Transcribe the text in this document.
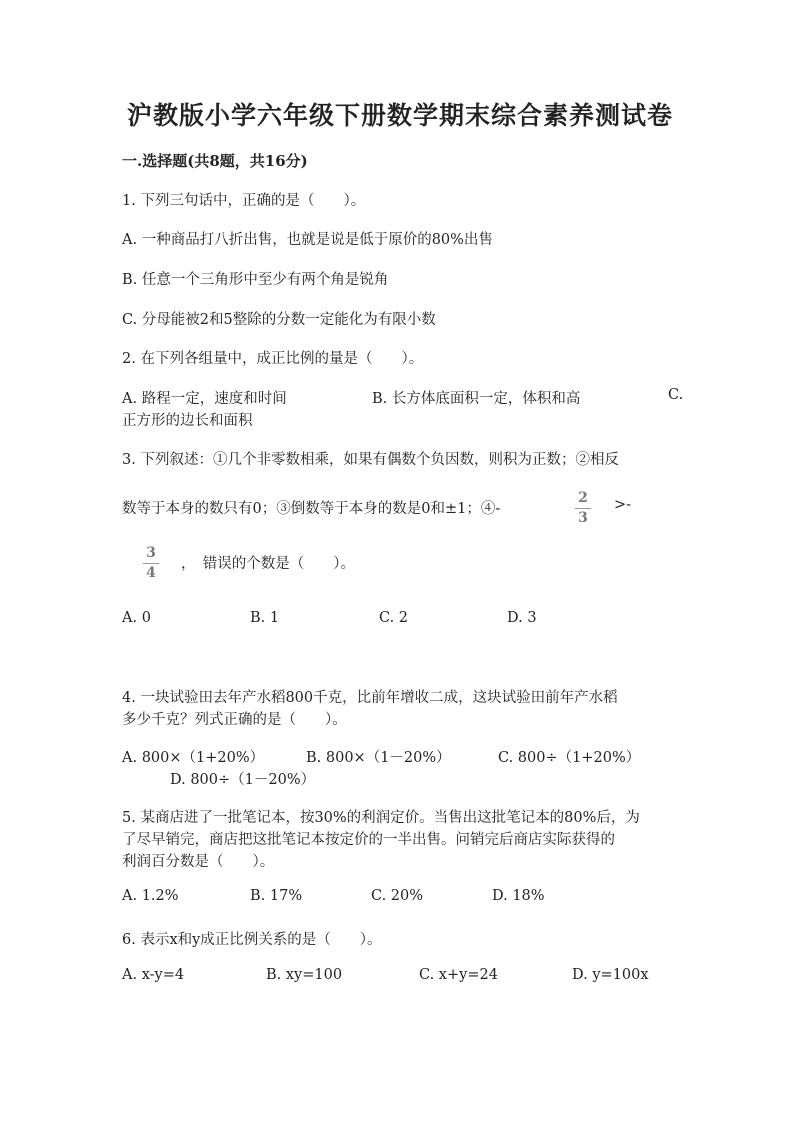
沪教版小学六年级下册数学期末综合素养测试卷
一.选择题(共8题，共16分)
1. 下列三句话中，正确的是（　　）。
A. 一种商品打八折出售，也就是说是低于原价的80%出售
B. 任意一个三角形中至少有两个角是锐角
C. 分母能被2和5整除的分数一定能化为有限小数
2. 在下列各组量中，成正比例的量是（　　）。
A. 路程一定，速度和时间	B. 长方体底面积一定，体积和高	C.
正方形的边长和面积
3. 下列叙述：①几个非零数相乘，如果有偶数个负因数，则积为正数；②相反
数等于本身的数只有0；③倒数等于本身的数是0和±1；④-
2
3
>-
3
4
，　错误的个数是（　　）。
A. 0	B. 1	C. 2	D. 3
4. 一块试验田去年产水稻800千克，比前年增收二成，这块试验田前年产水稻
多少千克？列式正确的是（　　）。
A. 800×（1+20%）	B. 800×（1－20%）	C. 800÷（1+20%）
D. 800÷（1－20%）
5. 某商店进了一批笔记本，按30%的利润定价。当售出这批笔记本的80%后，为
了尽早销完，商店把这批笔记本按定价的一半出售。问销完后商店实际获得的
利润百分数是（　　）。
A. 1.2%	B. 17%	C. 20%	D. 18%
6. 表示x和y成正比例关系的是（　　）。
A. x-y=4	B. xy=100	C. x+y=24	D. y=100x
